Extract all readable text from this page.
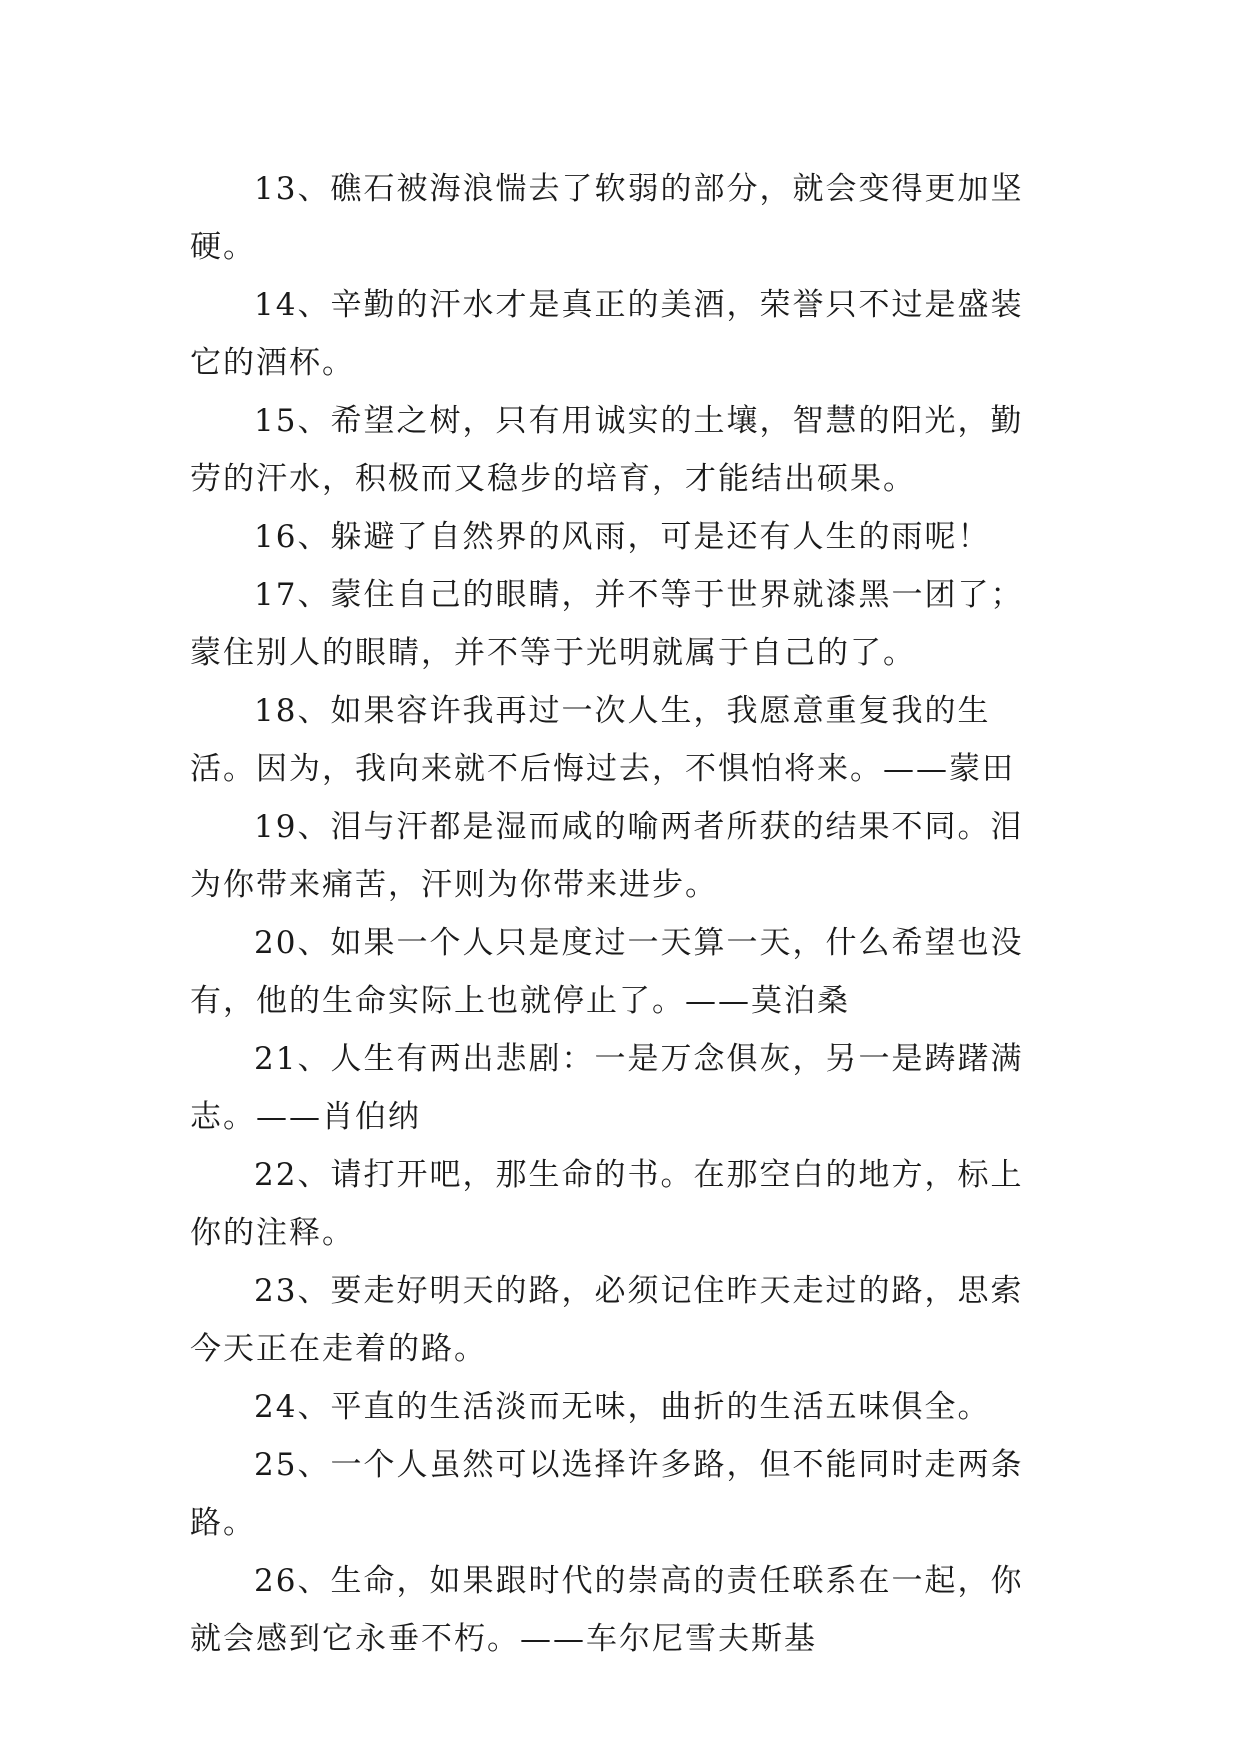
13、礁石被海浪惴去了软弱的部分，就会变得更加坚硬。

14、辛勤的汗水才是真正的美酒，荣誉只不过是盛装它的酒杯。

15、希望之树，只有用诚实的土壤，智慧的阳光，勤劳的汗水，积极而又稳步的培育，才能结出硕果。

16、躲避了自然界的风雨，可是还有人生的雨呢！

17、蒙住自己的眼睛，并不等于世界就漆黑一团了；蒙住别人的眼睛，并不等于光明就属于自己的了。

18、如果容许我再过一次人生，我愿意重复我的生活。因为，我向来就不后悔过去，不惧怕将来。——蒙田

19、泪与汗都是湿而咸的喻两者所获的结果不同。泪为你带来痛苦，汗则为你带来进步。

20、如果一个人只是度过一天算一天，什么希望也没有，他的生命实际上也就停止了。——莫泊桑

21、人生有两出悲剧：一是万念俱灰，另一是踌躇满志。——肖伯纳

22、请打开吧，那生命的书。在那空白的地方，标上你的注释。

23、要走好明天的路，必须记住昨天走过的路，思索今天正在走着的路。

24、平直的生活淡而无味，曲折的生活五味俱全。

25、一个人虽然可以选择许多路，但不能同时走两条路。

26、生命，如果跟时代的崇高的责任联系在一起，你就会感到它永垂不朽。——车尔尼雪夫斯基
